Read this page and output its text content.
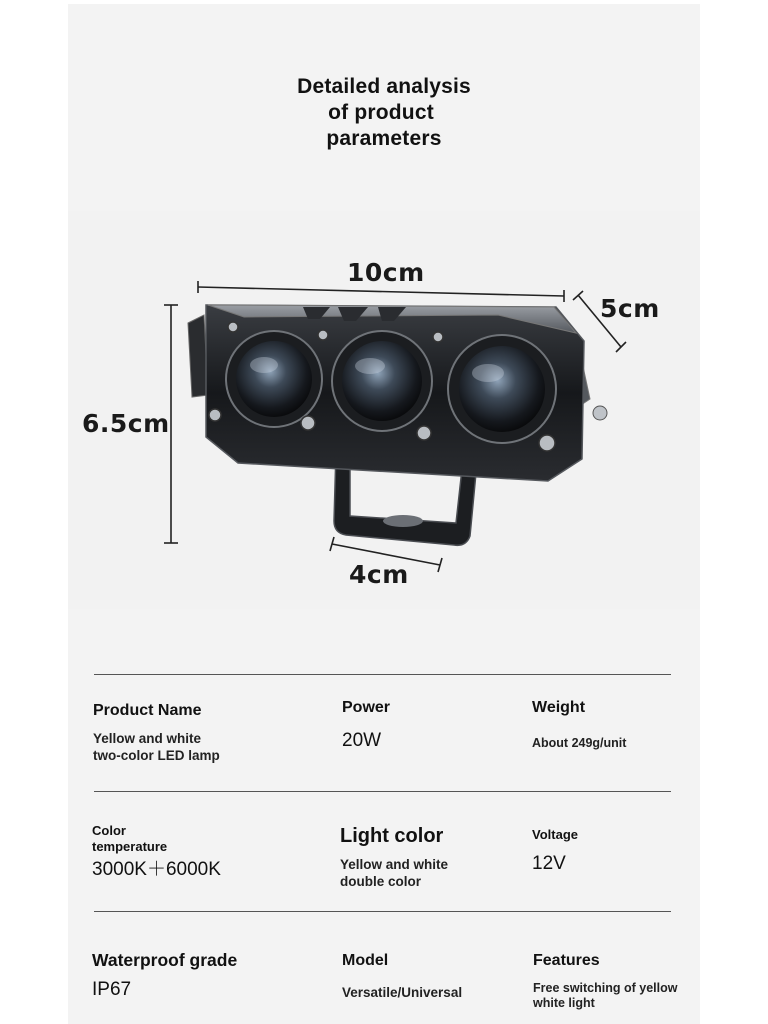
Detailed analysis
of product
parameters
10cm
5cm
6.5cm
4cm
Product Name
Yellow and white
two-color LED lamp
Power
20W
Weight
About 249g/unit
Color
temperature
3000K＋6000K
Light color
Yellow and white
double color
Voltage
12V
Waterproof grade
IP67
Model
Versatile/Universal
Features
Free switching of yellow
white light
